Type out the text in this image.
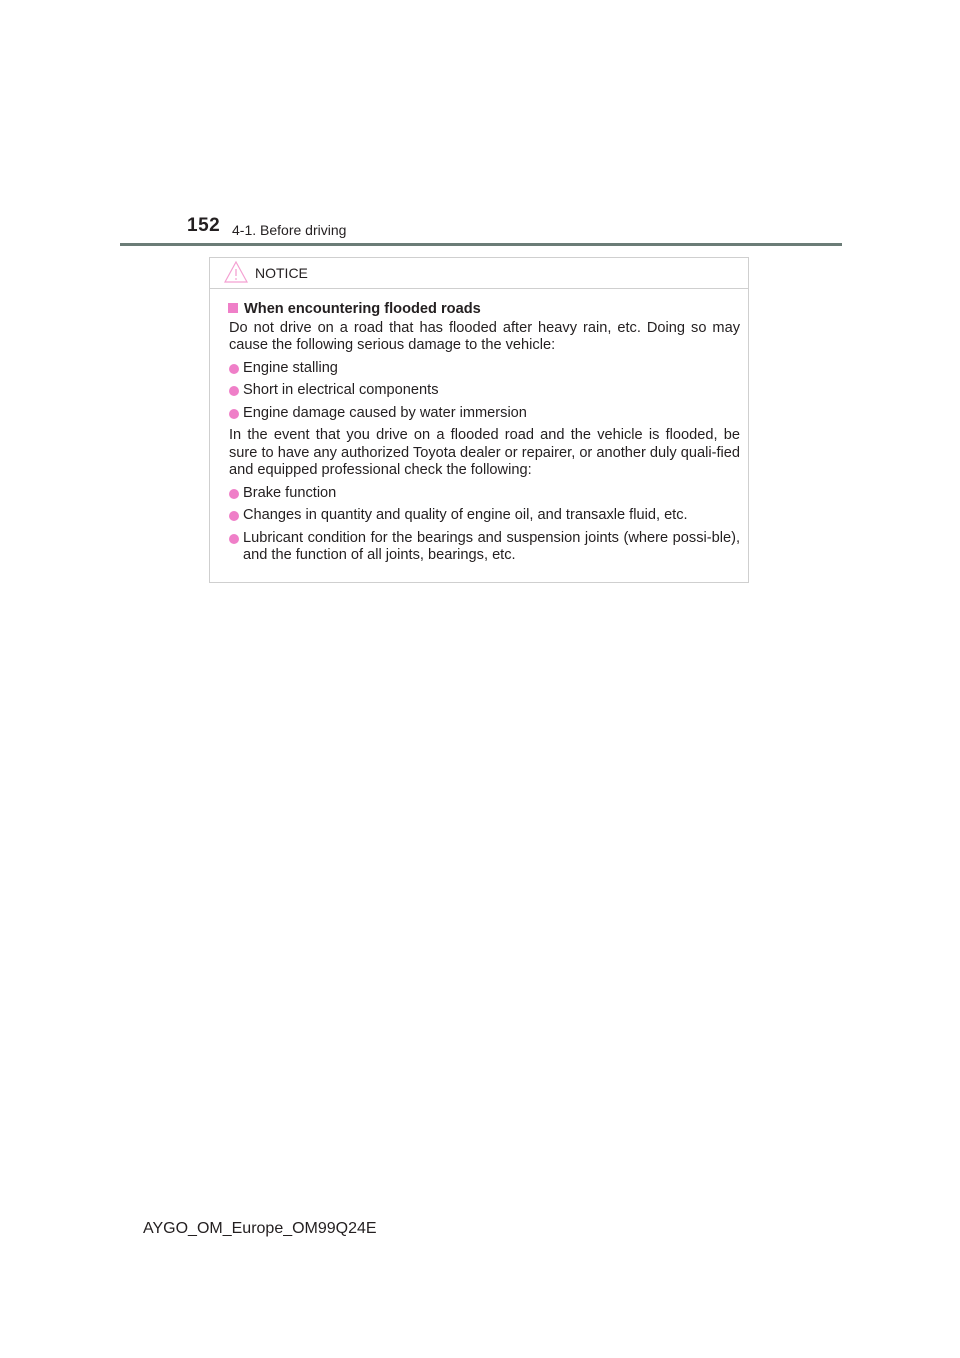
152 4-1. Before driving
NOTICE
When encountering flooded roads

Do not drive on a road that has flooded after heavy rain, etc. Doing so may cause the following serious damage to the vehicle:

Engine stalling
Short in electrical components
Engine damage caused by water immersion

In the event that you drive on a flooded road and the vehicle is flooded, be sure to have any authorized Toyota dealer or repairer, or another duly quali-fied and equipped professional check the following:

Brake function
Changes in quantity and quality of engine oil, and transaxle fluid, etc.
Lubricant condition for the bearings and suspension joints (where possi-ble), and the function of all joints, bearings, etc.
AYGO_OM_Europe_OM99Q24E
